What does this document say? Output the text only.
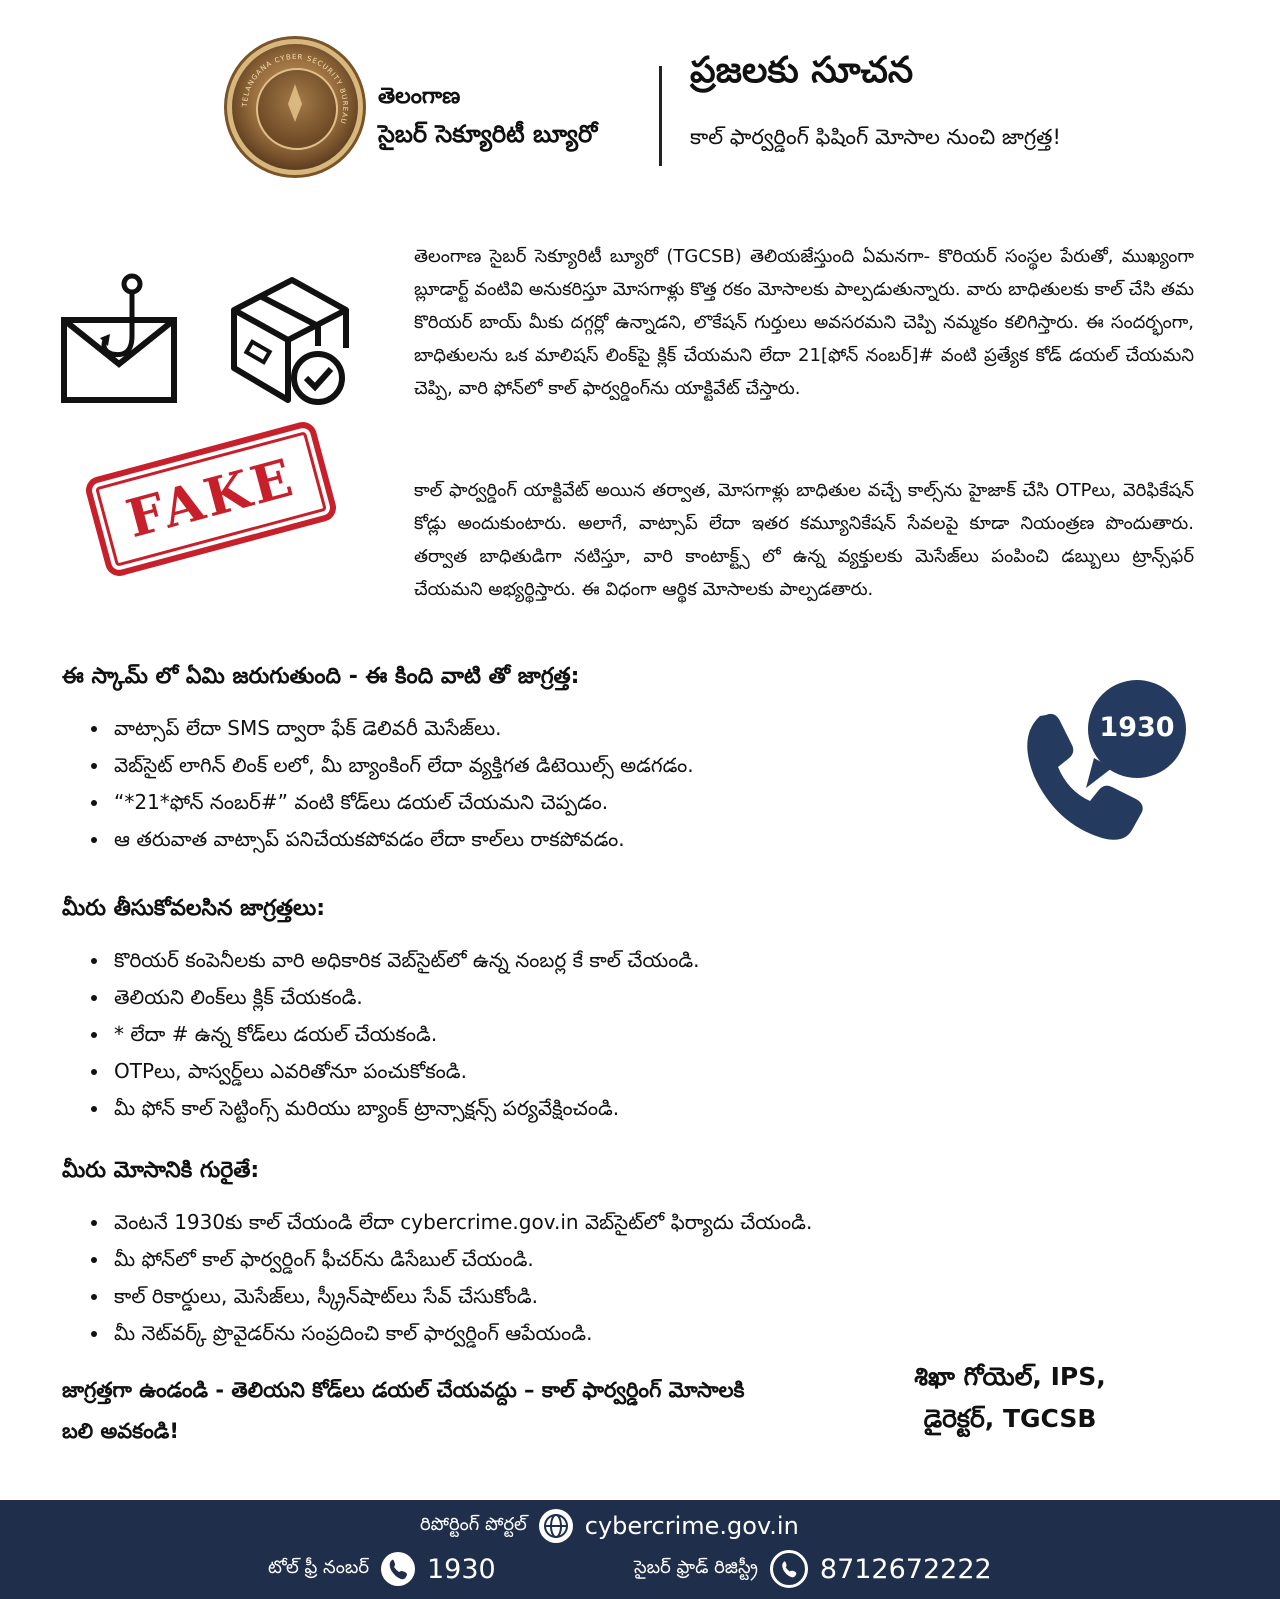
TELANGANA CYBER SECURITY BUREAU
తెలంగాణ
సైబర్ సెక్యూరిటీ బ్యూరో
ప్రజలకు సూచన
కాల్ ఫార్వర్డింగ్ ఫిషింగ్ మోసాల నుంచి జాగ్రత్త!
FAKE
తెలంగాణ సైబర్ సెక్యూరిటీ బ్యూరో (TGCSB) తెలియజేస్తుంది ఏమనగా- కొరియర్ సంస్థల పేరుతో, ముఖ్యంగా బ్లూడార్ట్ వంటివి అనుకరిస్తూ మోసగాళ్లు కొత్త రకం మోసాలకు పాల్పడుతున్నారు. వారు బాధితులకు కాల్ చేసి తమ కొరియర్ బాయ్ మీకు దగ్గర్లో ఉన్నాడని, లొకేషన్ గుర్తులు అవసరమని చెప్పి నమ్మకం కలిగిస్తారు. ఈ సందర్భంగా, బాధితులను ఒక మాలిషస్ లింక్‌పై క్లిక్ చేయమని లేదా 21[ఫోన్ నంబర్]# వంటి ప్రత్యేక కోడ్ డయల్ చేయమని చెప్పి, వారి ఫోన్‌లో కాల్ ఫార్వర్డింగ్‌ను యాక్టివేట్ చేస్తారు.
కాల్ ఫార్వర్డింగ్ యాక్టివేట్ అయిన తర్వాత, మోసగాళ్లు బాధితుల వచ్చే కాల్స్‌ను హైజాక్ చేసి OTPలు, వెరిఫికేషన్ కోడ్లు అందుకుంటారు. అలాగే, వాట్సాప్ లేదా ఇతర కమ్యూనికేషన్ సేవలపై కూడా నియంత్రణ పొందుతారు. తర్వాత బాధితుడిగా నటిస్తూ, వారి కాంటాక్ట్స్ లో ఉన్న వ్యక్తులకు మెసేజ్‌లు పంపించి డబ్బులు ట్రాన్స్‌ఫర్ చేయమని అభ్యర్థిస్తారు. ఈ విధంగా ఆర్థిక మోసాలకు పాల్పడతారు.
ఈ స్కామ్ లో ఏమి జరుగుతుంది - ఈ కింది వాటి తో జాగ్రత్త:
• వాట్సాప్ లేదా SMS ద్వారా ఫేక్ డెలివరీ మెసేజ్‌లు.
• వెబ్‌సైట్ లాగిన్ లింక్ లలో, మీ బ్యాంకింగ్ లేదా వ్యక్తిగత డిటెయిల్స్ అడగడం.
• “*21*ఫోన్ నంబర్#” వంటి కోడ్‌లు డయల్ చేయమని చెప్పడం.
• ఆ తరువాత వాట్సాప్ పనిచేయకపోవడం లేదా కాల్‌లు రాకపోవడం.
1930
మీరు తీసుకోవలసిన జాగ్రత్తలు:
• కొరియర్ కంపెనీలకు వారి అధికారిక వెబ్‌సైట్‌లో ఉన్న నంబర్ల కే కాల్ చేయండి.
• తెలియని లింక్‌లు క్లిక్ చేయకండి.
• * లేదా # ఉన్న కోడ్‌లు డయల్ చేయకండి.
• OTPలు, పాస్వర్డ్‌లు ఎవరితోనూ పంచుకోకండి.
• మీ ఫోన్ కాల్ సెట్టింగ్స్ మరియు బ్యాంక్ ట్రాన్సాక్షన్స్ పర్యవేక్షించండి.
మీరు మోసానికి గురైతే:
• వెంటనే 1930కు కాల్ చేయండి లేదా cybercrime.gov.in వెబ్‌సైట్‌లో ఫిర్యాదు చేయండి.
• మీ ఫోన్‌లో కాల్ ఫార్వర్డింగ్ ఫీచర్‌ను డిసేబుల్ చేయండి.
• కాల్ రికార్డులు, మెసేజ్‌లు, స్క్రీన్‌షాట్‌లు సేవ్ చేసుకోండి.
• మీ నెట్‌వర్క్ ప్రొవైడర్‌ను సంప్రదించి కాల్ ఫార్వర్డింగ్ ఆపేయండి.
జాగ్రత్తగా ఉండండి - తెలియని కోడ్‌లు డయల్ చేయవద్దు – కాల్ ఫార్వర్డింగ్ మోసాలకి బలి అవకండి!
శిఖా గోయెల్, IPS,
డైరెక్టర్, TGCSB
రిపోర్టింగ్ పోర్టల్ cybercrime.gov.in
టోల్ ఫ్రీ నంబర్ 1930	సైబర్ ఫ్రాడ్ రిజిస్ట్రీ 8712672222
